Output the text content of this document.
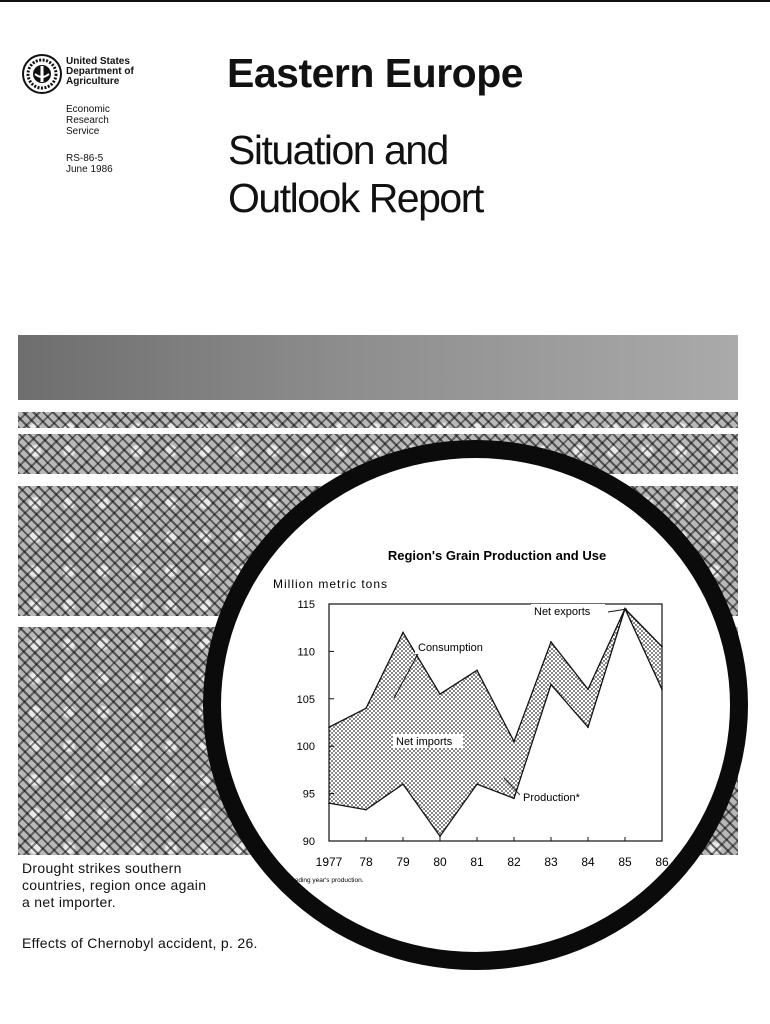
United States
Department of
Agriculture
Economic
Research
Service
RS-86-5
June 1986
Eastern Europe
Situation and
Outlook Report
Region's Grain Production and Use
Million metric tons
90
95
100
105
110
115
1977 78 79 80 81 82 83 84 85 86
Consumption
Net exports
Net imports
Production*
* Preceding year's production.
Drought strikes southern
countries, region once again
a net importer.
Effects of Chernobyl accident, p. 26.
